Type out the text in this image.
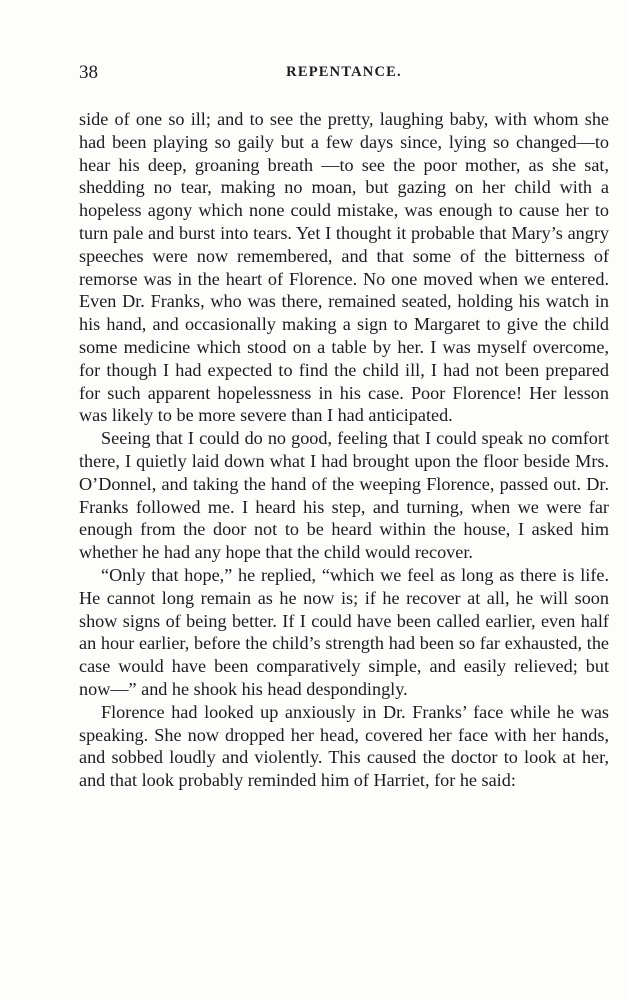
38	REPENTANCE.

side of one so ill; and to see the pretty, laughing baby, with whom she had been playing so gaily but a few days since, lying so changed—to hear his deep, groaning breath —to see the poor mother, as she sat, shedding no tear, making no moan, but gazing on her child with a hopeless agony which none could mistake, was enough to cause her to turn pale and burst into tears. Yet I thought it probable that Mary’s angry speeches were now remembered, and that some of the bitterness of remorse was in the heart of Florence. No one moved when we entered. Even Dr. Franks, who was there, remained seated, holding his watch in his hand, and occasionally making a sign to Margaret to give the child some medicine which stood on a table by her. I was myself overcome, for though I had expected to find the child ill, I had not been prepared for such apparent hopelessness in his case. Poor Florence! Her lesson was likely to be more severe than I had anticipated.

Seeing that I could do no good, feeling that I could speak no comfort there, I quietly laid down what I had brought upon the floor beside Mrs. O’Donnel, and taking the hand of the weeping Florence, passed out. Dr. Franks followed me. I heard his step, and turning, when we were far enough from the door not to be heard within the house, I asked him whether he had any hope that the child would recover.

“Only that hope,” he replied, “which we feel as long as there is life. He cannot long remain as he now is; if he recover at all, he will soon show signs of being better. If I could have been called earlier, even half an hour earlier, before the child’s strength had been so far exhausted, the case would have been comparatively simple, and easily relieved; but now—” and he shook his head despondingly.

Florence had looked up anxiously in Dr. Franks’ face while he was speaking. She now dropped her head, covered her face with her hands, and sobbed loudly and violently. This caused the doctor to look at her, and that look probably reminded him of Harriet, for he said:
